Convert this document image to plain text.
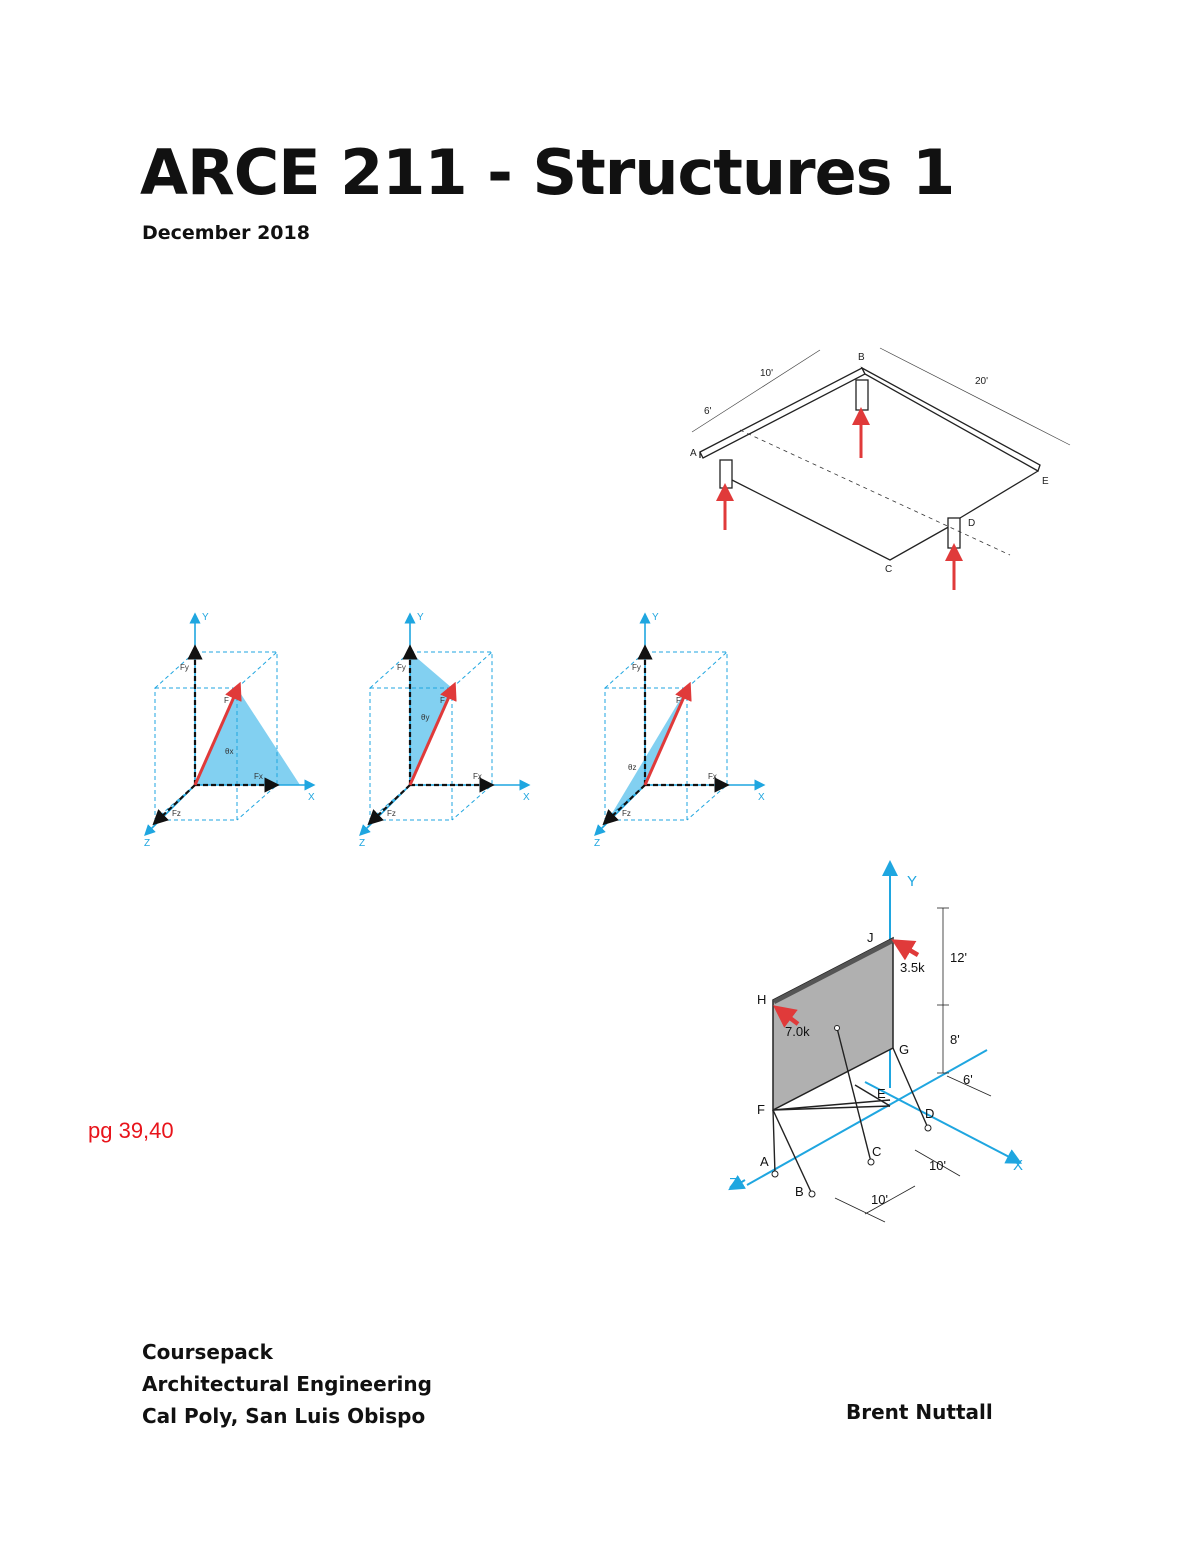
ARCE 211 - Structures 1
December 2018
A
B
C
D
E
10'
6'
20'
Y
X
Z
Fy
Fx
Fz
F
θx
Y
X
Z
Fy
Fx
Fz
F
θy
Y
X
Z
Fy
Fx
Fz
F
θz
Y
X
Z
J
H
G
F
E
D
C
A
B
3.5k
7.0k
12'
8'
6'
10'
10'
pg 39,40
Coursepack
Architectural Engineering
Cal Poly, San Luis Obispo	Brent Nuttall
